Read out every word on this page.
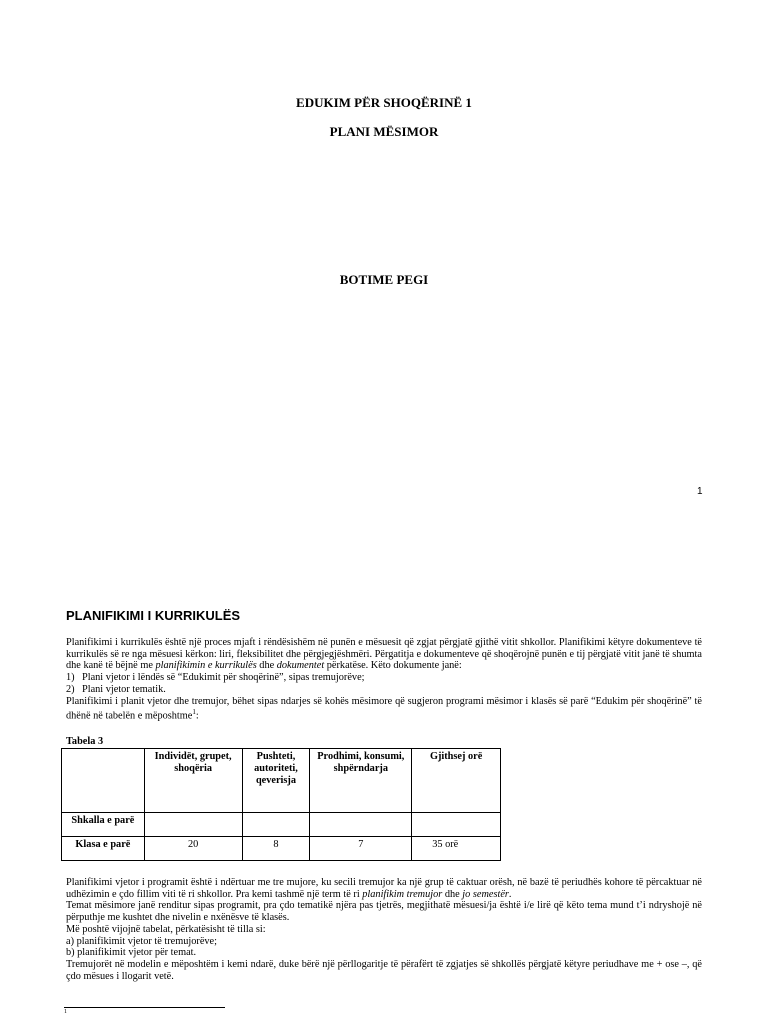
EDUKIM PËR SHOQËRINË 1
PLANI MËSIMOR
BOTIME PEGI
1
PLANIFIKIMI I KURRIKULËS

Planifikimi i kurrikulës është një proces mjaft i rëndësishëm në punën e mësuesit që zgjat përgjatë gjithë vitit shkollor. Planifikimi këtyre dokumenteve të kurrikulës së re nga mësuesi kërkon: liri, fleksibilitet dhe përgjegjëshmëri. Përgatitja e dokumenteve që shoqërojnë punën e tij përgjatë vitit janë të shumta dhe kanë të bëjnë me planifikimin e kurrikulës dhe dokumentet përkatëse. Këto dokumente janë:

1) Plani vjetor i lëndës së “Edukimit për shoqërinë”, sipas tremujorëve;
2) Plani vjetor tematik.

Planifikimi i planit vjetor dhe tremujor, bëhet sipas ndarjes së kohës mësimore që sugjeron programi mësimor i klasës së parë “Edukim për shoqërinë” të dhënë në tabelën e mëposhtme$^1$:

Tabela 3
	Individët, grupet, shoqëria	Pushteti, autoriteti, qeverisja	Prodhimi, konsumi, shpërndarja	Gjithsej orë
Shkalla e parë				
Klasa e parë	20	8	7	35 orë

Planifikimi vjetor i programit është i ndërtuar me tre mujore, ku secili tremujor ka një grup të caktuar orësh, në bazë të periudhës kohore të përcaktuar në udhëzimin e çdo fillim viti të ri shkollor. Pra kemi tashmë një term të ri planifikim tremujor dhe jo semestër.

Temat mësimore janë renditur sipas programit, pra çdo tematikë njëra pas tjetrës, megjithatë mësuesi/ja është i/e lirë që këto tema mund t’i ndryshojë në përputhje me kushtet dhe nivelin e nxënësve të klasës.

Më poshtë vijojnë tabelat, përkatësisht të tilla si:

a) planifikimit vjetor të tremujorëve;

b) planifikimit vjetor për temat.

Tremujorët në modelin e mëposhtëm i kemi ndarë, duke bërë një përllogaritje të përafërt të zgjatjes së shkollës përgjatë këtyre periudhave me + ose –, që çdo mësues i llogarit vetë.

1
